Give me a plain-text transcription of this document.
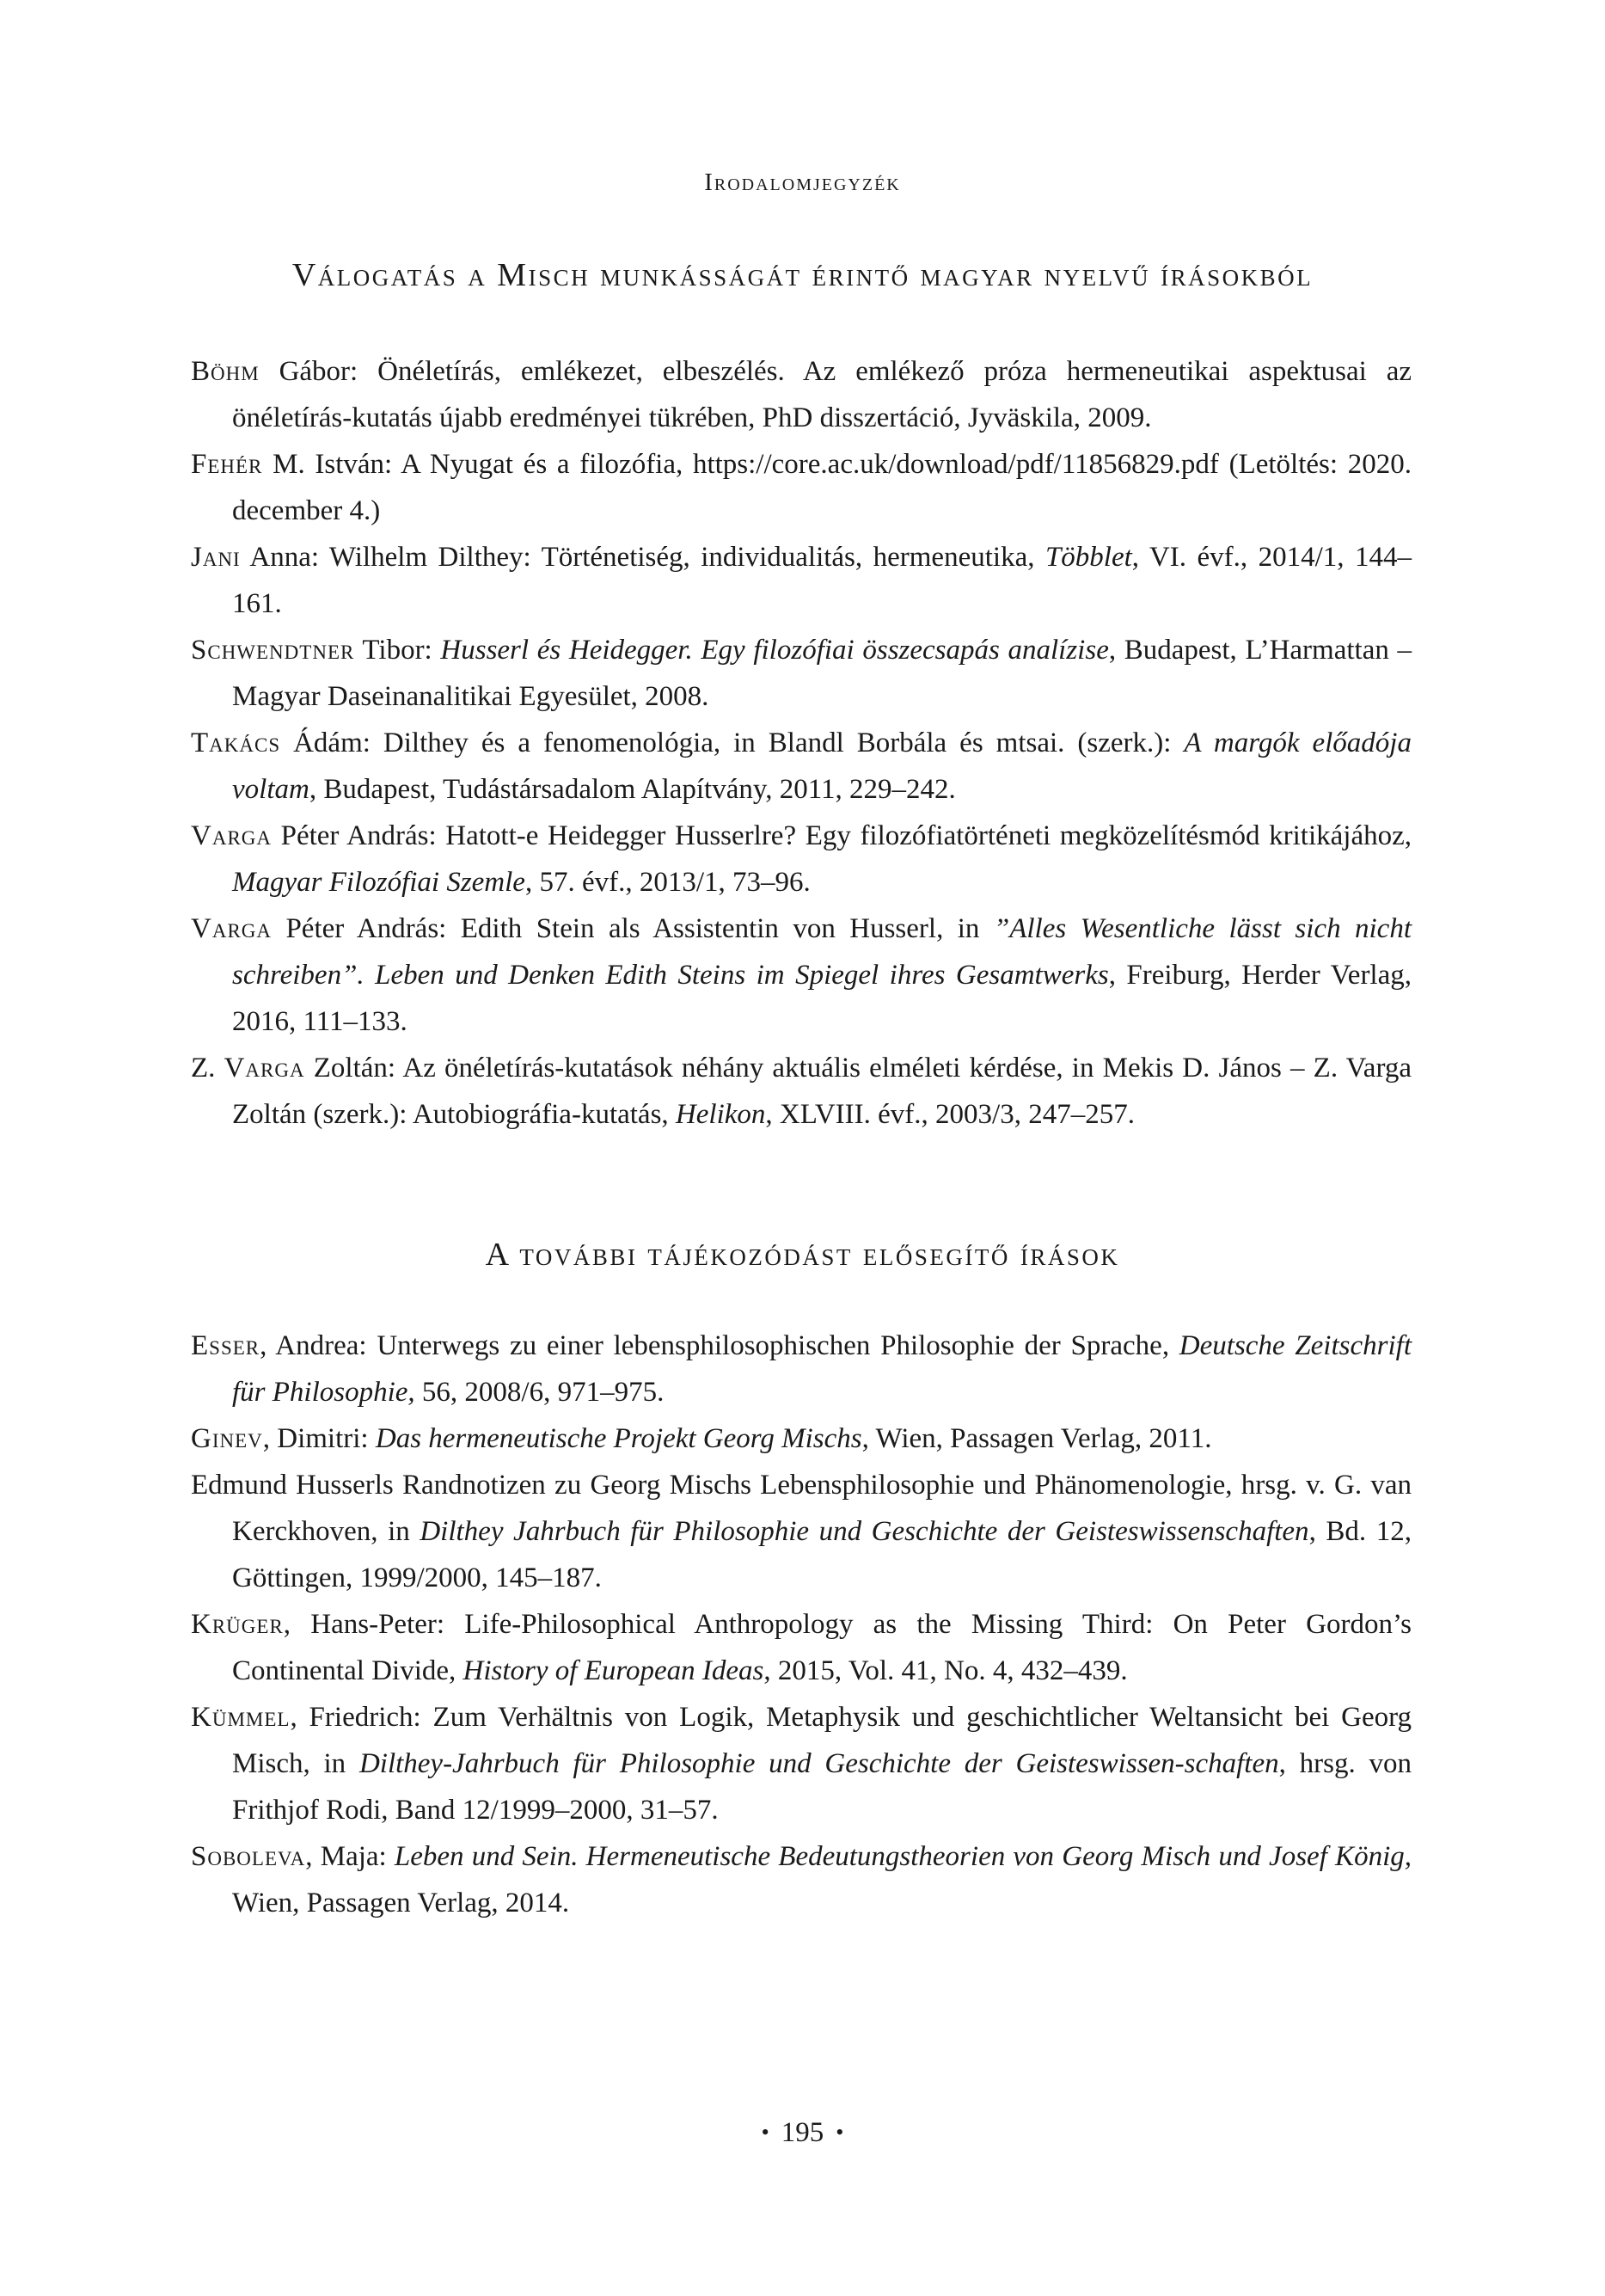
Irodalomjegyzék
Válogatás a Misch munkásságát érintő magyar nyelvű írásokból
Böhm Gábor: Önéletírás, emlékezet, elbeszélés. Az emlékező próza hermeneutikai aspektusai az önéletírás-kutatás újabb eredményei tükrében, PhD disszertáció, Jyväskila, 2009.
Fehér M. István: A Nyugat és a filozófia, https://core.ac.uk/download/pdf/11856829.pdf (Letöltés: 2020. december 4.)
Jani Anna: Wilhelm Dilthey: Történetiség, individualitás, hermeneutika, Többlet, VI. évf., 2014/1, 144–161.
Schwendtner Tibor: Husserl és Heidegger. Egy filozófiai összecsapás analízise, Budapest, L’Harmattan – Magyar Daseinanalitikai Egyesület, 2008.
Takács Ádám: Dilthey és a fenomenológia, in Blandl Borbála és mtsai. (szerk.): A margók előadója voltam, Budapest, Tudástársadalom Alapítvány, 2011, 229–242.
Varga Péter András: Hatott-e Heidegger Husserlre? Egy filozófiatörténeti megközelítésmód kritikájához, Magyar Filozófiai Szemle, 57. évf., 2013/1, 73–96.
Varga Péter András: Edith Stein als Assistentin von Husserl, in ”Alles Wesentliche lässt sich nicht schreiben”. Leben und Denken Edith Steins im Spiegel ihres Gesamtwerks, Freiburg, Herder Verlag, 2016, 111–133.
Z. Varga Zoltán: Az önéletírás-kutatások néhány aktuális elméleti kérdése, in Mekis D. János – Z. Varga Zoltán (szerk.): Autobiográfia-kutatás, Helikon, XLVIII. évf., 2003/3, 247–257.
A további tájékozódást elősegítő írások
Esser, Andrea: Unterwegs zu einer lebensphilosophischen Philosophie der Sprache, Deutsche Zeitschrift für Philosophie, 56, 2008/6, 971–975.
Ginev, Dimitri: Das hermeneutische Projekt Georg Mischs, Wien, Passagen Verlag, 2011.
Edmund Husserls Randnotizen zu Georg Mischs Lebensphilosophie und Phänomenologie, hrsg. v. G. van Kerckhoven, in Dilthey Jahrbuch für Philosophie und Geschichte der Geisteswissenschaften, Bd. 12, Göttingen, 1999/2000, 145–187.
Krüger, Hans-Peter: Life-Philosophical Anthropology as the Missing Third: On Peter Gordon’s Continental Divide, History of European Ideas, 2015, Vol. 41, No. 4, 432–439.
Kümmel, Friedrich: Zum Verhältnis von Logik, Metaphysik und geschichtlicher Weltansicht bei Georg Misch, in Dilthey-Jahrbuch für Philosophie und Geschichte der Geisteswissen-schaften, hrsg. von Frithjof Rodi, Band 12/1999–2000, 31–57.
Soboleva, Maja: Leben und Sein. Hermeneutische Bedeutungstheorien von Georg Misch und Josef König, Wien, Passagen Verlag, 2014.
• 195 •
